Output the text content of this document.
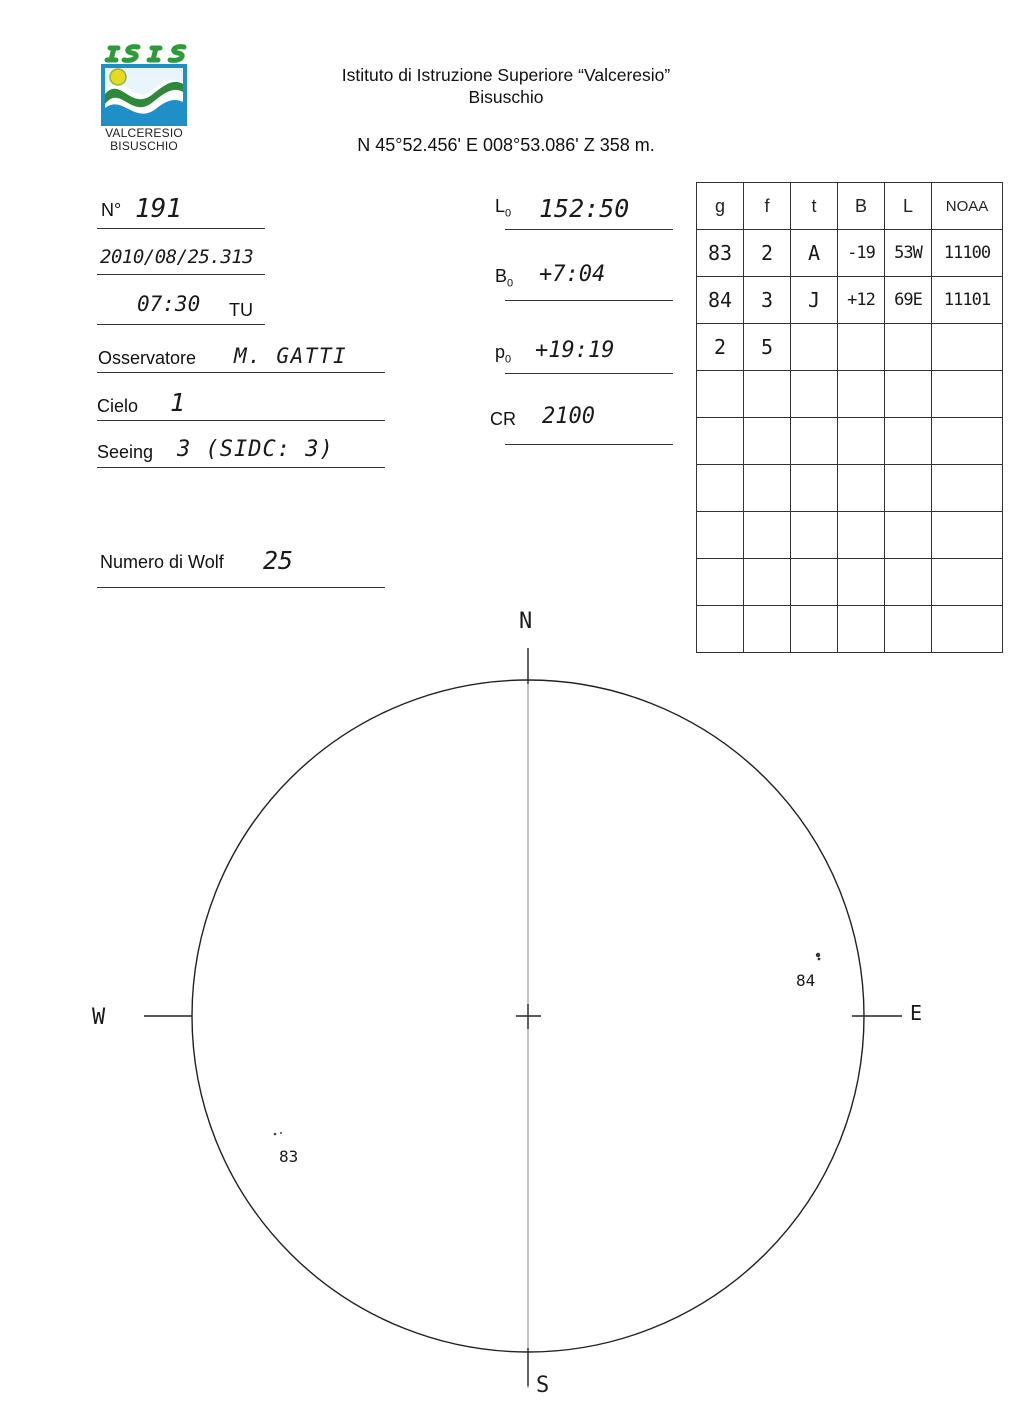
VALCERESIO
BISUSCHIO
Istituto di Istruzione Superiore “Valceresio”
Bisuschio
N 45°52.456' E 008°53.086' Z 358 m.
N° 191
2010/08/25.313
07:30 TU
Osservatore M. GATTI
Cielo 1
Seeing 3 (SIDC: 3)
Numero di Wolf 25
$L_0$ 152:50
$B_0$ +7:04
$p_0$ +19:19
CR 2100
g	f	t	B	L	NOAA
83	2	A	-19	53W	11100
84	3	J	+12	69E	11101
2	5				

N
S
W	E
84
83
